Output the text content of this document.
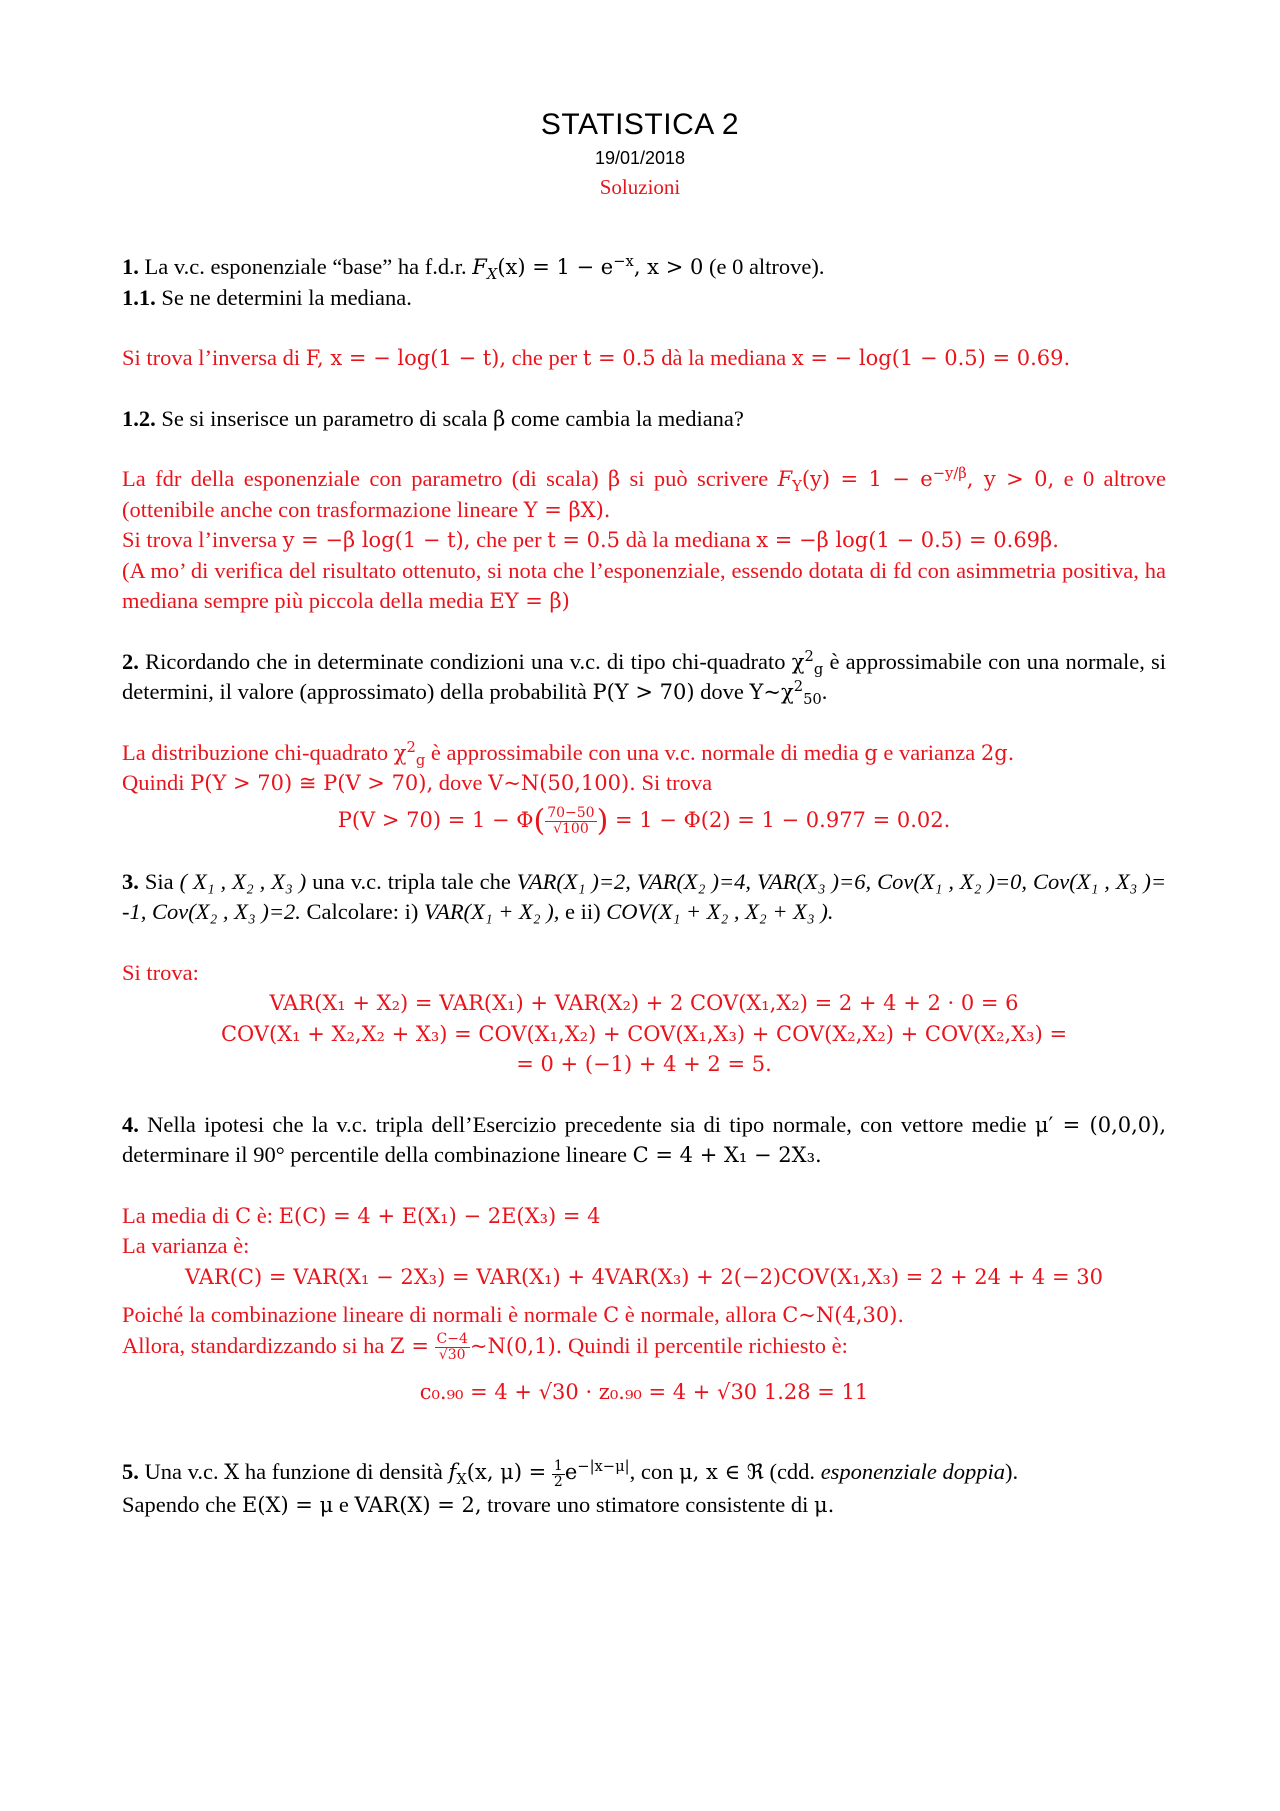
STATISTICA 2
19/01/2018
Soluzioni
1. La v.c. esponenziale “base” ha f.d.r. $F_X(x) = 1 - e^{-x}$, x > 0 (e 0 altrove).
1.1. Se ne determini la mediana.
Si trova l’inversa di F, x = − log(1 − t), che per t = 0.5 dà la mediana x = − log(1 − 0.5) = 0.69.
1.2. Se si inserisce un parametro di scala β come cambia la mediana?
La fdr della esponenziale con parametro (di scala) β si può scrivere $F_Y(y) = 1 - e^{-y/\beta}$, y > 0, e 0 altrove (ottenibile anche con trasformazione lineare Y = βX).
Si trova l’inversa y = −β log(1 − t), che per t = 0.5 dà la mediana x = −β log(1 − 0.5) = 0.69β.
(A mo’ di verifica del risultato ottenuto, si nota che l’esponenziale, essendo dotata di fd con asimmetria positiva, ha mediana sempre più piccola della media EY = β)
2. Ricordando che in determinate condizioni una v.c. di tipo chi-quadrato $\chi^2_g$ è approssimabile con una normale, si determini, il valore (approssimato) della probabilità P(Y > 70) dove $Y\sim\chi^2_{50}$.
La distribuzione chi-quadrato $\chi^2_g$ è approssimabile con una v.c. normale di media g e varianza 2g.
Quindi P(Y > 70) ≅ P(V > 70), dove V~N(50,100). Si trova
$P(V > 70) = 1 - \Phi( \frac{70-50}{√100}$ ) = 1 − Φ(2) = 1 − 0.977 = 0.02.
3. Sia ( X₁ , X₂ , X₃ ) una v.c. tripla tale che VAR(X₁ )=2, VAR(X₂ )=4, VAR(X₃ )=6, Cov(X₁ , X₂ )=0, Cov(X₁ , X₃ )= -1, Cov(X₂ , X₃ )=2. Calcolare: i) VAR(X₁ + X₂ ), e ii) COV(X₁ + X₂ , X₂ + X₃ ).
Si trova:
VAR(X₁ + X₂) = VAR(X₁) + VAR(X₂) + 2 COV(X₁,X₂) = 2 + 4 + 2 · 0 = 6
COV(X₁ + X₂,X₂ + X₃) = COV(X₁,X₂) + COV(X₁,X₃) + COV(X₂,X₂) + COV(X₂,X₃) =
= 0 + (−1) + 4 + 2 = 5.
4. Nella ipotesi che la v.c. tripla dell’Esercizio precedente sia di tipo normale, con vettore medie μ′ = (0,0,0), determinare il 90° percentile della combinazione lineare C = 4 + X₁ − 2X₃.
La media di C è: E(C) = 4 + E(X₁) − 2E(X₃) = 4
La varianza è:
VAR(C) = VAR(X₁ − 2X₃) = VAR(X₁) + 4VAR(X₃) + 2(−2)COV(X₁,X₃) = 2 + 24 + 4 = 30
Poiché la combinazione lineare di normali è normale C è normale, allora C~N(4,30).
Allora, standardizzando si ha $Z = \frac{C-4}{√30}$ ~N(0,1). Quindi il percentile richiesto è:
c₀.₉₀ = 4 + √30 · z₀.₉₀ = 4 + √30 1.28 = 11
5. Una v.c. X ha funzione di densità $f_X(x$, $\mu) = \frac{1}{2} e^{-|x-\mu|}$, con μ, x ∈ ℜ (cdd. esponenziale doppia).
Sapendo che E(X) = μ e VAR(X) = 2, trovare uno stimatore consistente di μ.
